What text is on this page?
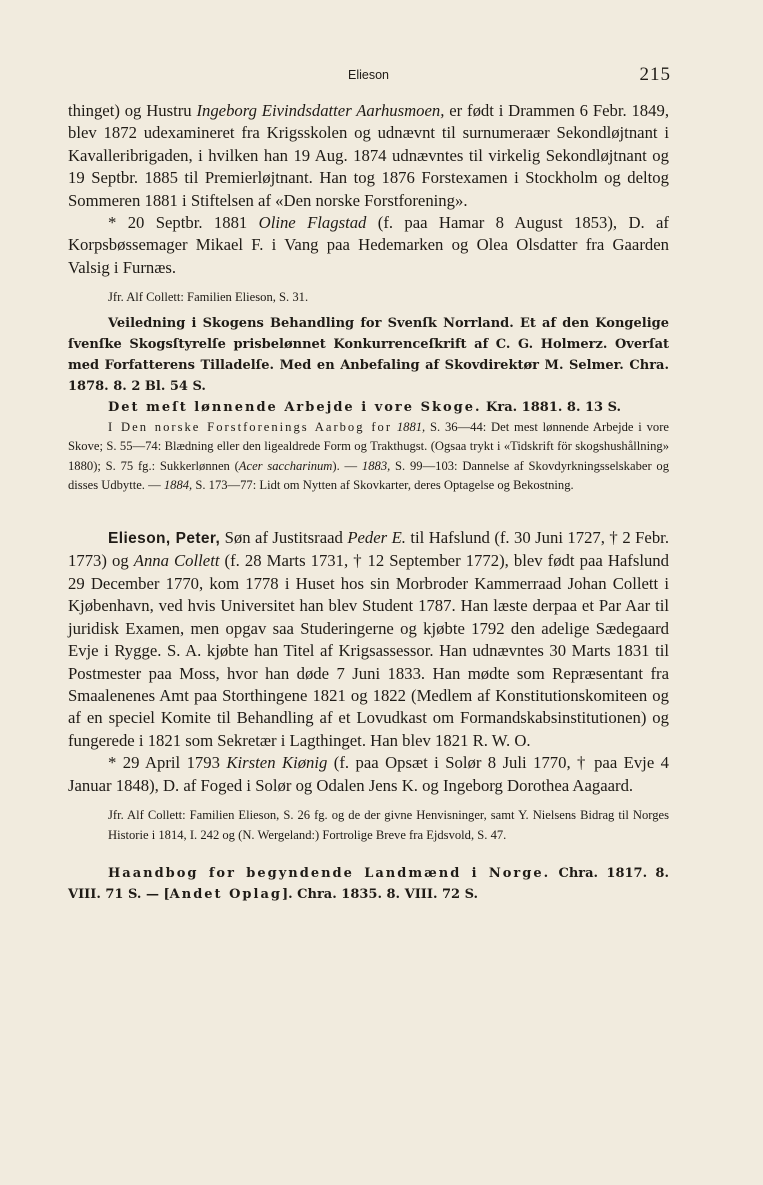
Elieson	215

thinget) og Hustru Ingeborg Eivindsdatter Aarhusmoen, er født i Drammen 6 Febr. 1849, blev 1872 udexamineret fra Krigsskolen og udnævnt til surnumeraær Sekondløjtnant i Kavalleribrigaden, i hvilken han 19 Aug. 1874 udnævntes til virkelig Sekondløjtnant og 19 Septbr. 1885 til Premierløjtnant. Han tog 1876 Forstexamen i Stockholm og deltog Sommeren 1881 i Stiftelsen af «Den norske Forstforening».

* 20 Septbr. 1881 Oline Flagstad (f. paa Hamar 8 August 1853), D. af Korpsbøssemager Mikael F. i Vang paa Hedemarken og Olea Olsdatter fra Gaarden Valsig i Furnæs.

Jfr. Alf Collett: Familien Elieson, S. 31.

Veiledning i Skogens Behandling for Svenſk Norrland. Et af den Kongelige ſvenſke Skogsſtyrelſe prisbelønnet Konkurrenceſkrift af C. G. Holmerz. Overſat med Forfatterens Tilladelſe. Med en Anbefaling af Skovdirektør M. Selmer. Chra. 1878. 8. 2 Bl. 54 S.

Det meſt lønnende Arbejde i vore Skoge. Kra. 1881. 8. 13 S.

I Den norske Forstforenings Aarbog for 1881, S. 36—44: Det mest lønnende Arbejde i vore Skove; S. 55—74: Blædning eller den ligealdrede Form og Trakthugst. (Ogsaa trykt i «Tidskrift för skogshushållning» 1880); S. 75 fg.: Sukkerlønnen (Acer saccharinum). — 1883, S. 99—103: Dannelse af Skovdyrkningsselskaber og disses Udbytte. — 1884, S. 173—77: Lidt om Nytten af Skovkarter, deres Optagelse og Bekostning.

Elieson, Peter, Søn af Justitsraad Peder E. til Hafslund (f. 30 Juni 1727, † 2 Febr. 1773) og Anna Collett (f. 28 Marts 1731, † 12 September 1772), blev født paa Hafslund 29 December 1770, kom 1778 i Huset hos sin Morbroder Kammerraad Johan Collett i Kjøbenhavn, ved hvis Universitet han blev Student 1787. Han læste derpaa et Par Aar til juridisk Examen, men opgav saa Studeringerne og kjøbte 1792 den adelige Sædegaard Evje i Rygge. S. A. kjøbte han Titel af Krigsassessor. Han udnævntes 30 Marts 1831 til Postmester paa Moss, hvor han døde 7 Juni 1833. Han mødte som Repræsentant fra Smaalenenes Amt paa Storthingene 1821 og 1822 (Medlem af Konstitutionskomiteen og af en speciel Komite til Behandling af et Lovudkast om Formandskabsinstitutionen) og fungerede i 1821 som Sekretær i Lagthinget. Han blev 1821 R. W. O.

* 29 April 1793 Kirsten Kiønig (f. paa Opsæt i Solør 8 Juli 1770, † paa Evje 4 Januar 1848), D. af Foged i Solør og Odalen Jens K. og Ingeborg Dorothea Aagaard.

Jfr. Alf Collett: Familien Elieson, S. 26 fg. og de der givne Henvisninger, samt Y. Nielsens Bidrag til Norges Historie i 1814, I. 242 og (N. Wergeland:) Fortrolige Breve fra Ejdsvold, S. 47.

Haandbog for begyndende Landmænd i Norge. Chra. 1817. 8. VIII. 71 S. — [Andet Oplag]. Chra. 1835. 8. VIII. 72 S.
